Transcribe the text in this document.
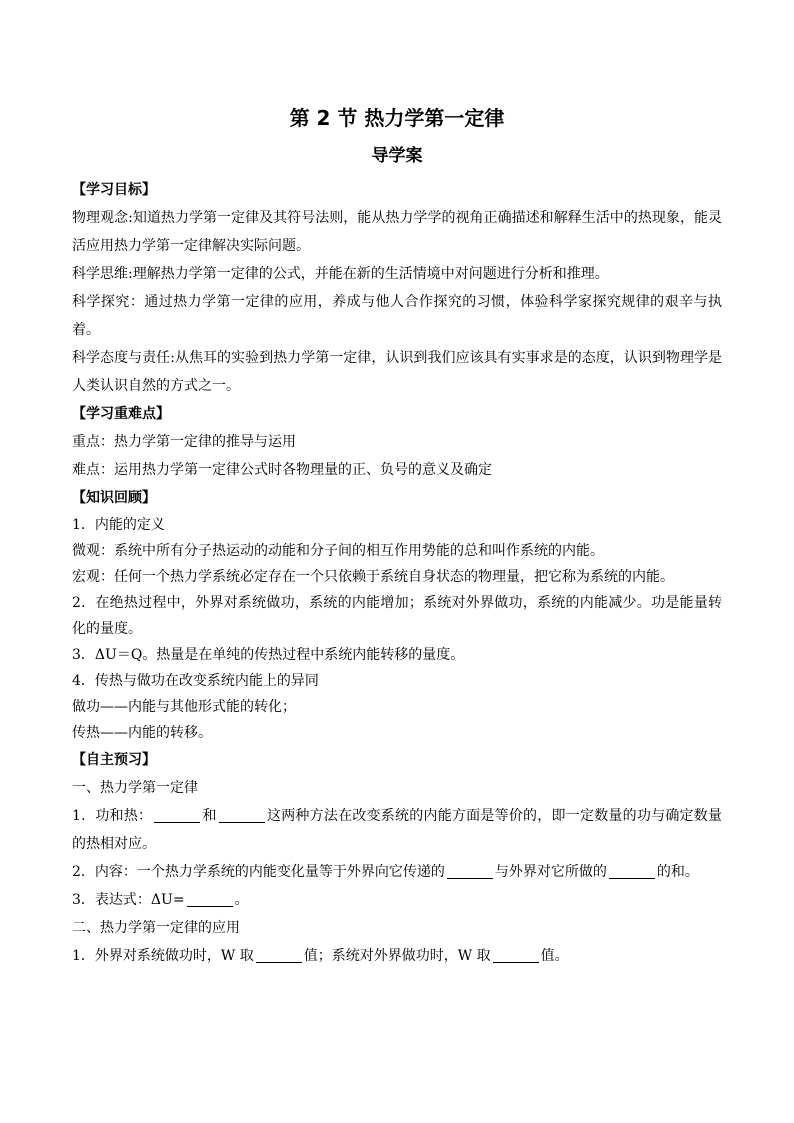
第 2 节 热力学第一定律
导学案
【学习目标】

物理观念:知道热力学第一定律及其符号法则，能从热力学学的视角正确描述和解释生活中的热现象，能灵活应用热力学第一定律解决实际问题。

科学思维:理解热力学第一定律的公式，并能在新的生活情境中对问题进行分析和推理。

科学探究：通过热力学第一定律的应用，养成与他人合作探究的习惯，体验科学家探究规律的艰辛与执着。

科学态度与责任:从焦耳的实验到热力学第一定律，认识到我们应该具有实事求是的态度，认识到物理学是人类认识自然的方式之一。

【学习重难点】

重点：热力学第一定律的推导与运用

难点：运用热力学第一定律公式时各物理量的正、负号的意义及确定

【知识回顾】

1．内能的定义

微观：系统中所有分子热运动的动能和分子间的相互作用势能的总和叫作系统的内能。

宏观：任何一个热力学系统必定存在一个只依赖于系统自身状态的物理量，把它称为系统的内能。

2．在绝热过程中，外界对系统做功，系统的内能增加；系统对外界做功，系统的内能减少。功是能量转化的量度。

3．ΔU＝Q。热量是在单纯的传热过程中系统内能转移的量度。

4．传热与做功在改变系统内能上的异同

做功——内能与其他形式能的转化；

传热——内能的转移。

【自主预习】

一、热力学第一定律

1．功和热：	和	这两种方法在改变系统的内能方面是等价的，即一定数量的功与确定数量的热相对应。

2．内容：一个热力学系统的内能变化量等于外界向它传递的	与外界对它所做的	的和。

3．表达式：ΔU=	。

二、热力学第一定律的应用

1．外界对系统做功时，W 取	值；系统对外界做功时，W 取	值。
